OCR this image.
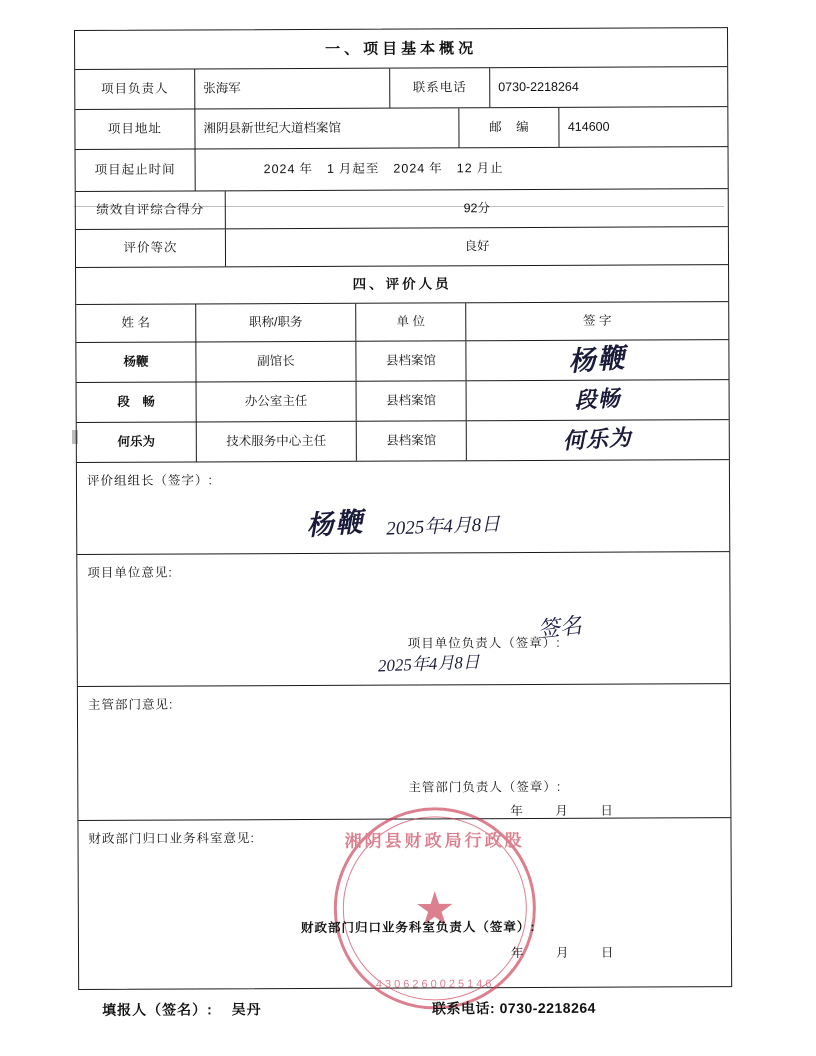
一、项目基本概况
项目负责人	张海军	联系电话	0730-2218264
项目地址	湘阴县新世纪大道档案馆	邮　编	414600
项目起止时间	2024 年	1 月起至	2024 年	12 月止
绩效自评综合得分	92分
评价等次	良好
四、评价人员
姓 名	职称/职务	单 位	签 字
杨鞭	副馆长	县档案馆	杨鞭
段　畅	办公室主任	县档案馆	段畅
何乐为	技术服务中心主任	县档案馆	何乐为
评价组组长（签字）:
杨鞭 2025年4月8日
项目单位意见:
项目单位负责人（签章）:
签名
2025年4月8日
主管部门意见:
主管部门负责人（签章）:
年　月　日
财政部门归口业务科室意见:	湘阴县财政局行政股
4306260025146
财政部门归口业务科室负责人（签章）:
年　月　日
填报人（签名）: 吴丹	联系电话: 0730-2218264
